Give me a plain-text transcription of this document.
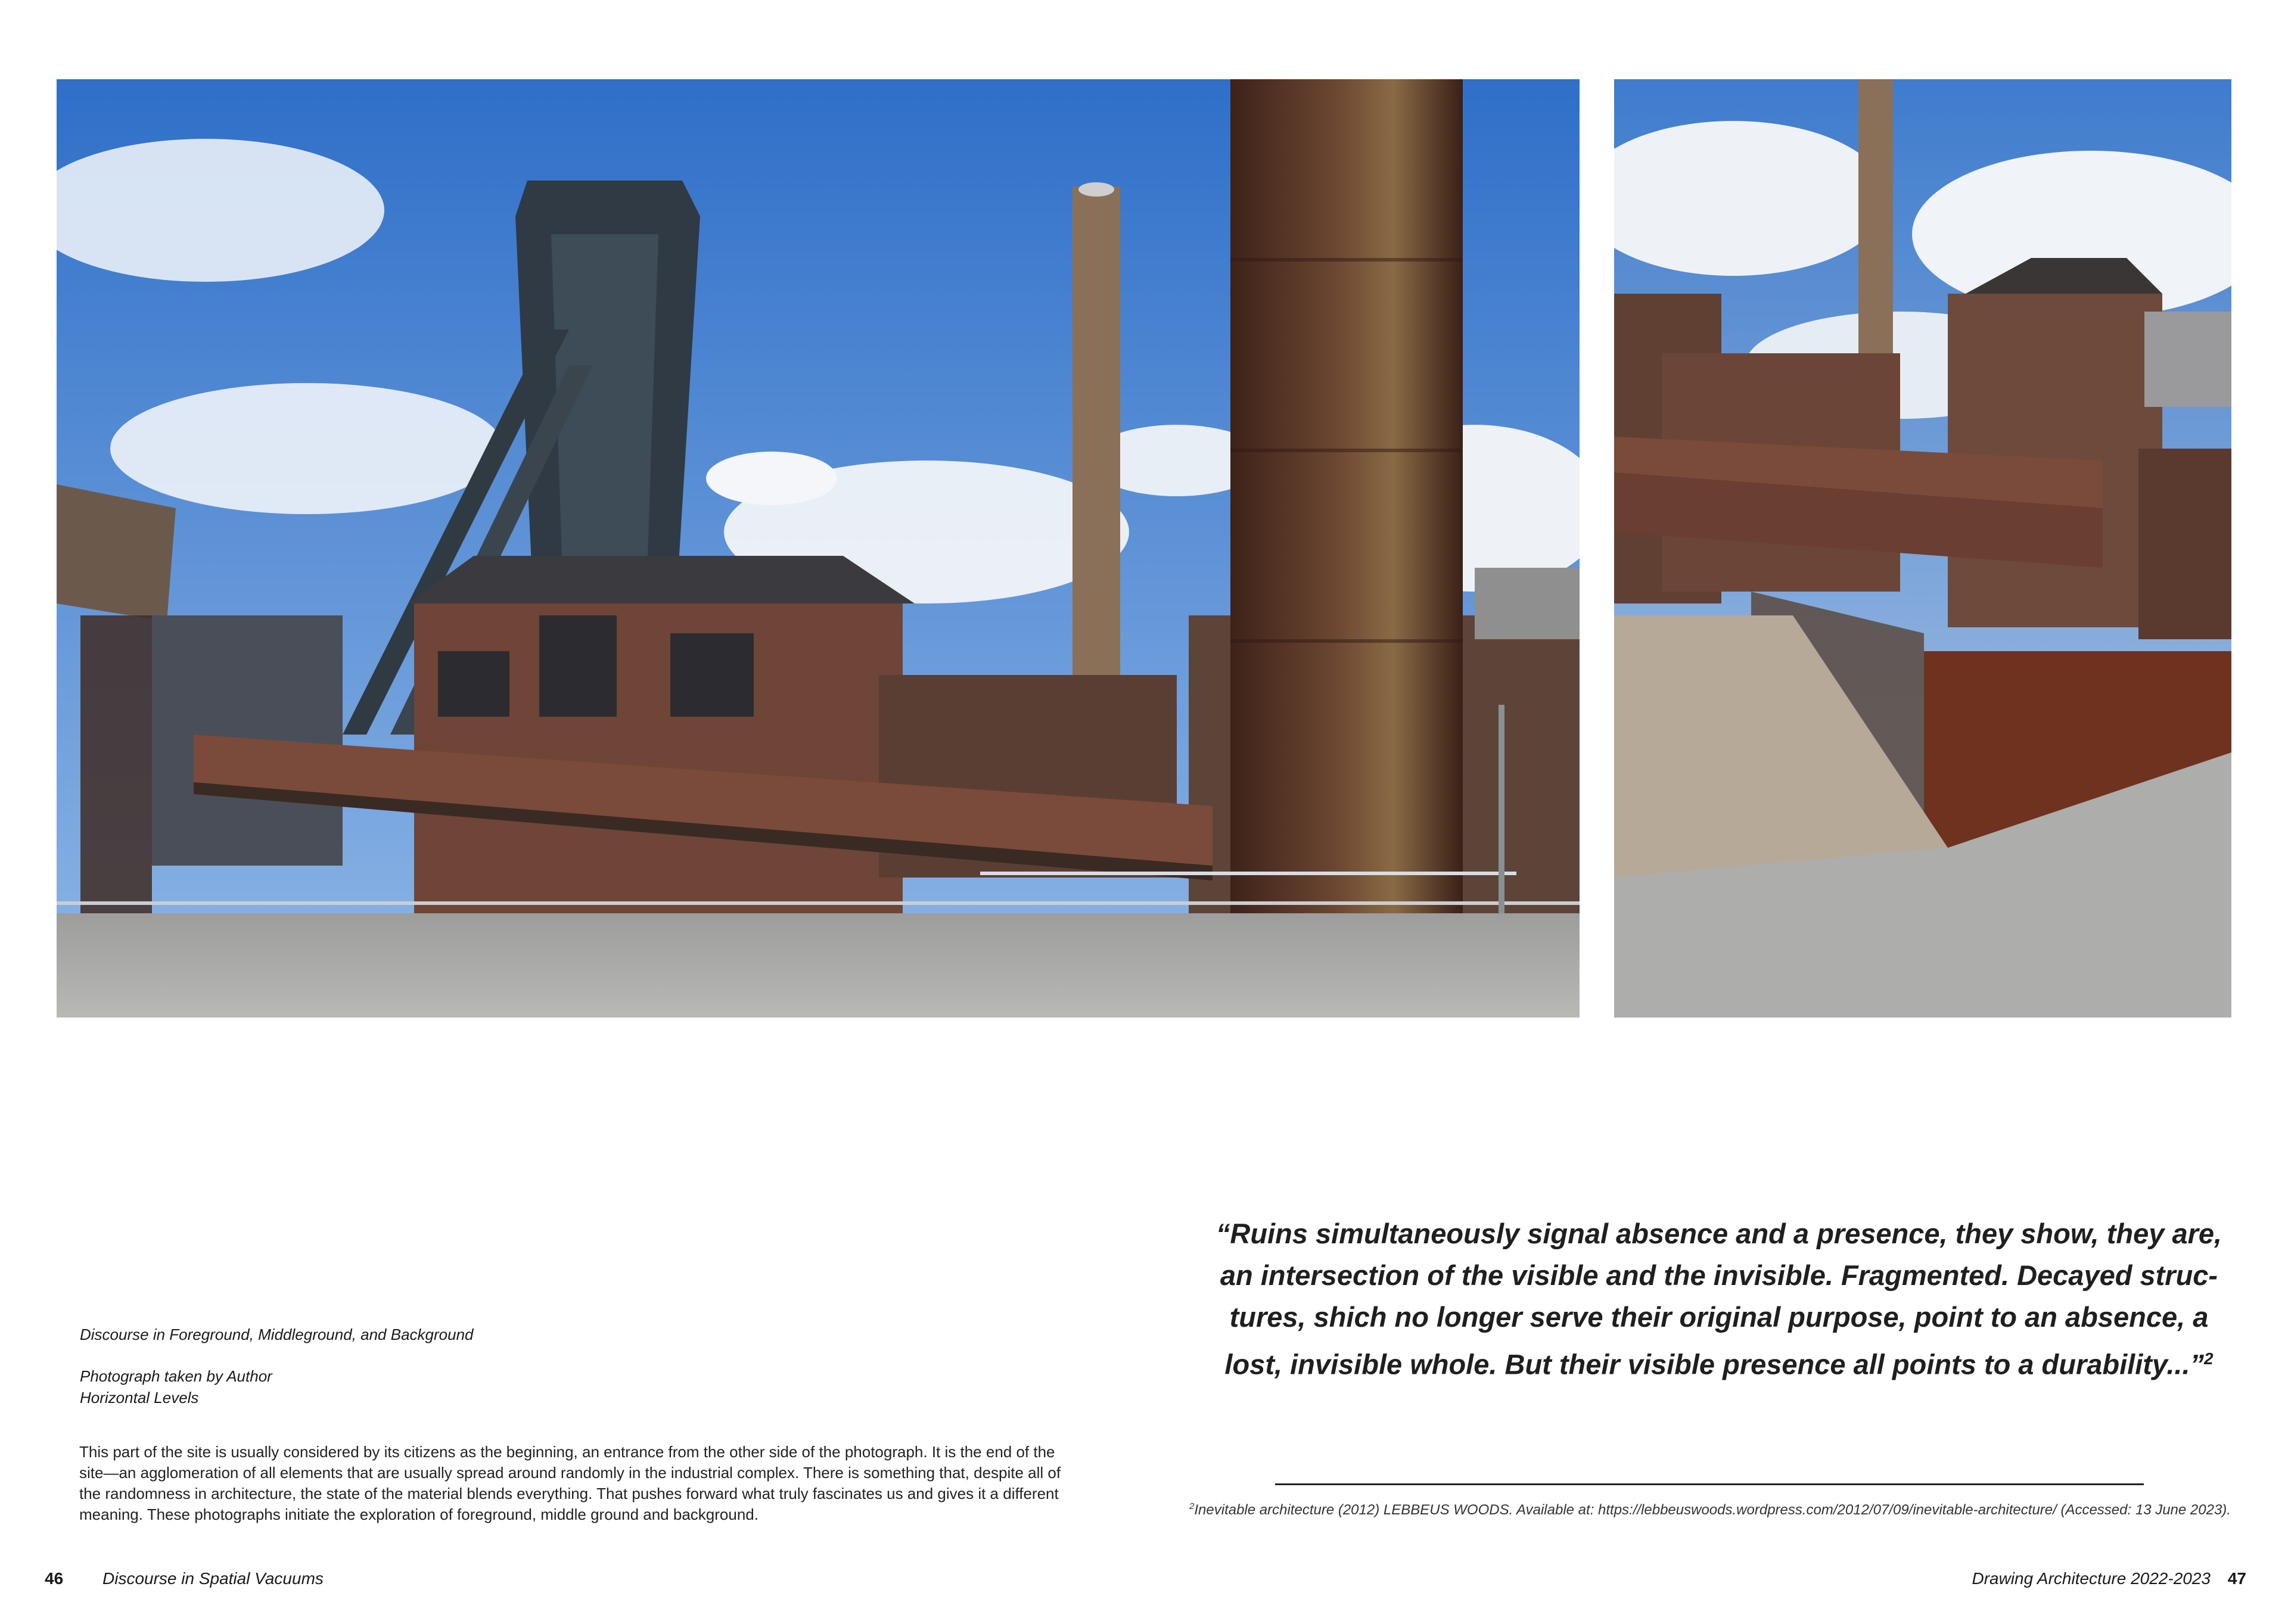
Discourse in Foreground, Middleground, and Background
Photograph taken by Author
Horizontal Levels
This part of the site is usually considered by its citizens as the beginning, an entrance from the other side of the photograph. It is the end of the site—an agglomeration of all elements that are usually spread around randomly in the industrial complex. There is something that, despite all of the randomness in architecture, the state of the material blends everything. That pushes forward what truly fascinates us and gives it a different meaning. These photographs initiate the exploration of foreground, middle ground and background.
“Ruins simultaneously signal absence and a presence, they show, they are, an intersection of the visible and the invisible. Fragmented. Decayed struc-tures, shich no longer serve their original purpose, point to an absence, a lost, invisible whole. But their visible presence all points to a durability...”$^2$
$^2$Inevitable architecture (2012) LEBBEUS WOODS. Available at: https://lebbeuswoods.wordpress.com/2012/07/09/inevitable-architecture/ (Accessed: 13 June 2023).
46 Discourse in Spatial Vacuums	Drawing Architecture 2022-2023 47
